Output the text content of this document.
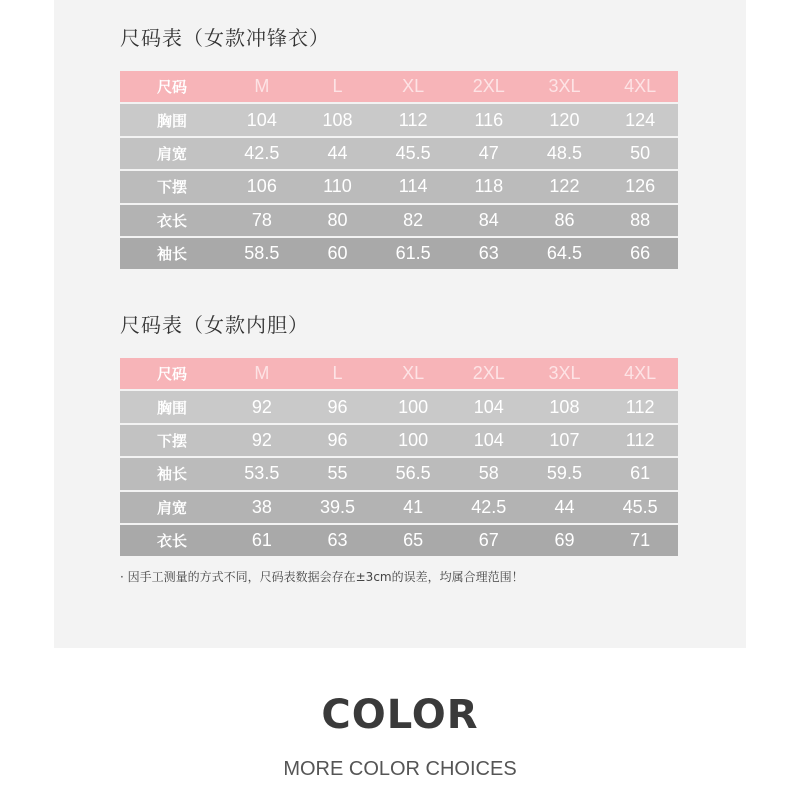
尺码表（女款冲锋衣）
尺码	M	L	XL	2XL	3XL	4XL
胸围	104	108	112	116	120	124
肩宽	42.5	44	45.5	47	48.5	50
下摆	106	110	114	118	122	126
衣长	78	80	82	84	86	88
袖长	58.5	60	61.5	63	64.5	66
尺码表（女款内胆）
尺码	M	L	XL	2XL	3XL	4XL
胸围	92	96	100	104	108	112
下摆	92	96	100	104	107	112
袖长	53.5	55	56.5	58	59.5	61
肩宽	38	39.5	41	42.5	44	45.5
衣长	61	63	65	67	69	71
· 因手工测量的方式不同，尺码表数据会存在±3cm的误差，均属合理范围！
COLOR
MORE COLOR CHOICES
